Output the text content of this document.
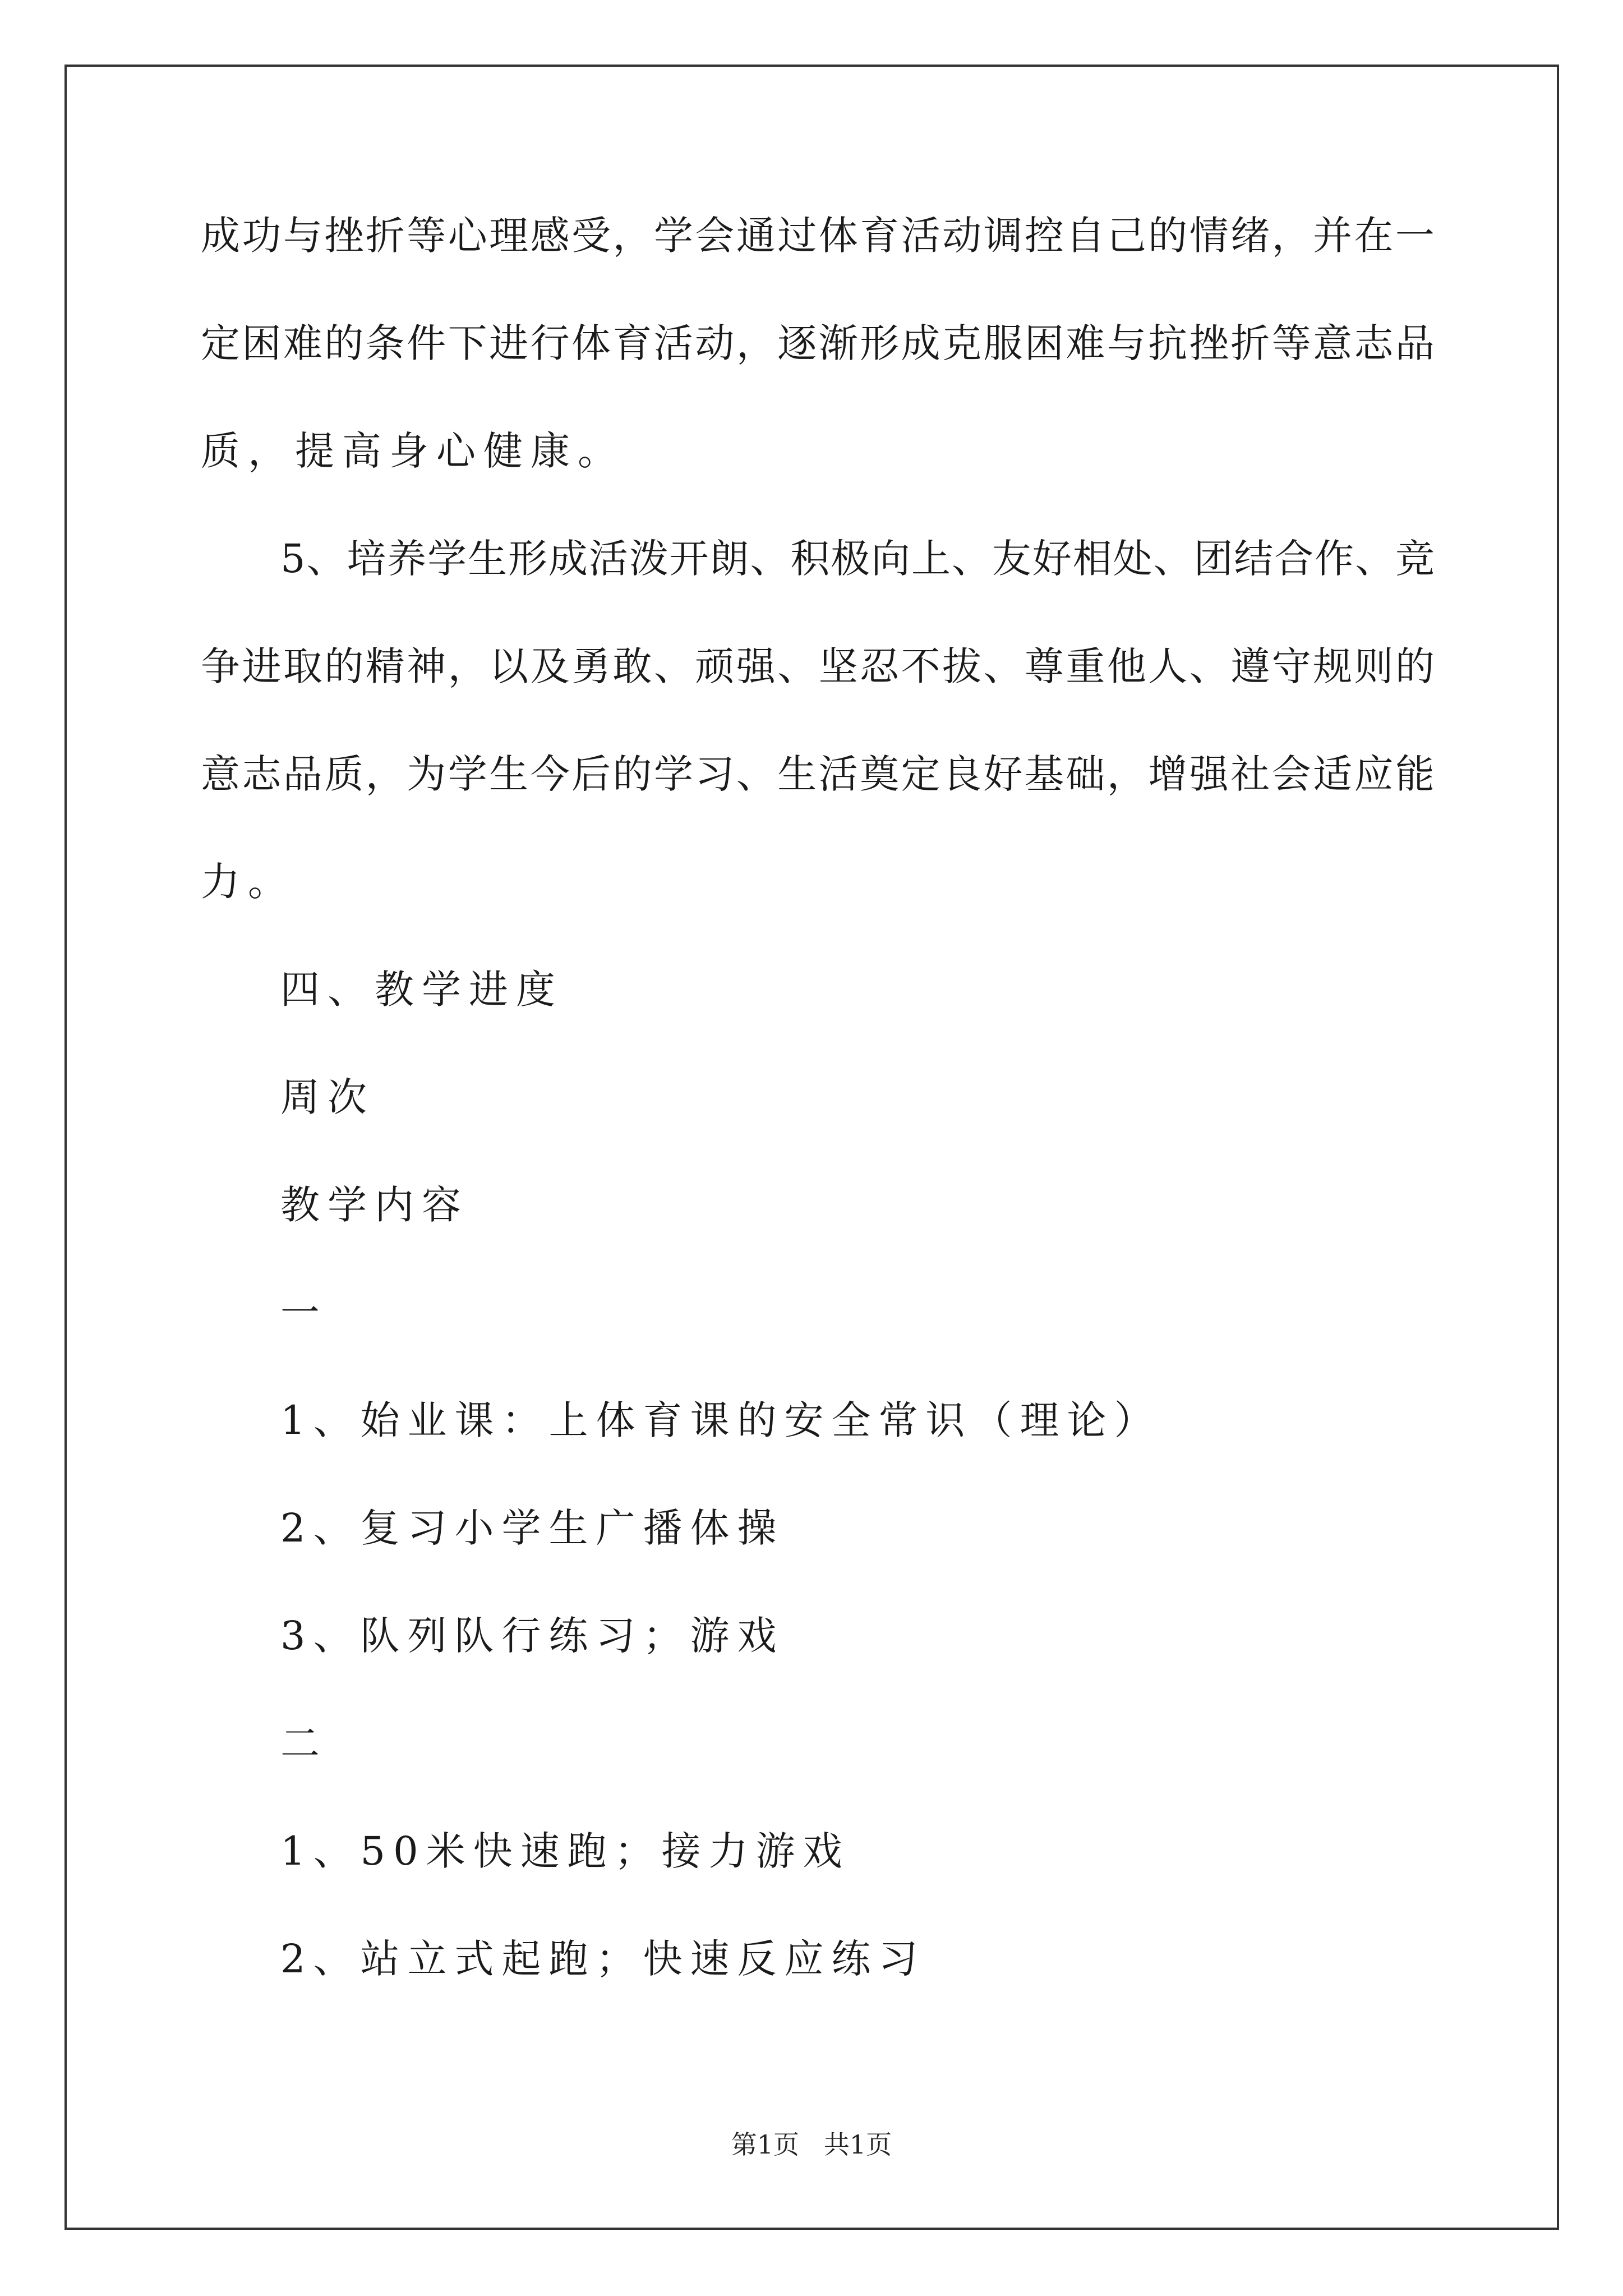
成功与挫折等心理感受，学会通过体育活动调控自己的情绪，并在一
定困难的条件下进行体育活动，逐渐形成克服困难与抗挫折等意志品
质，提高身心健康。
5、培养学生形成活泼开朗、积极向上、友好相处、团结合作、竞
争进取的精神，以及勇敢、顽强、坚忍不拔、尊重他人、遵守规则的
意志品质，为学生今后的学习、生活奠定良好基础，增强社会适应能
力。
四、教学进度
周次
教学内容
一
1、始业课：上体育课的安全常识（理论）
2、复习小学生广播体操
3、队列队行练习；游戏
二
1、50米快速跑；接力游戏
2、站立式起跑；快速反应练习
第1页   共1页
